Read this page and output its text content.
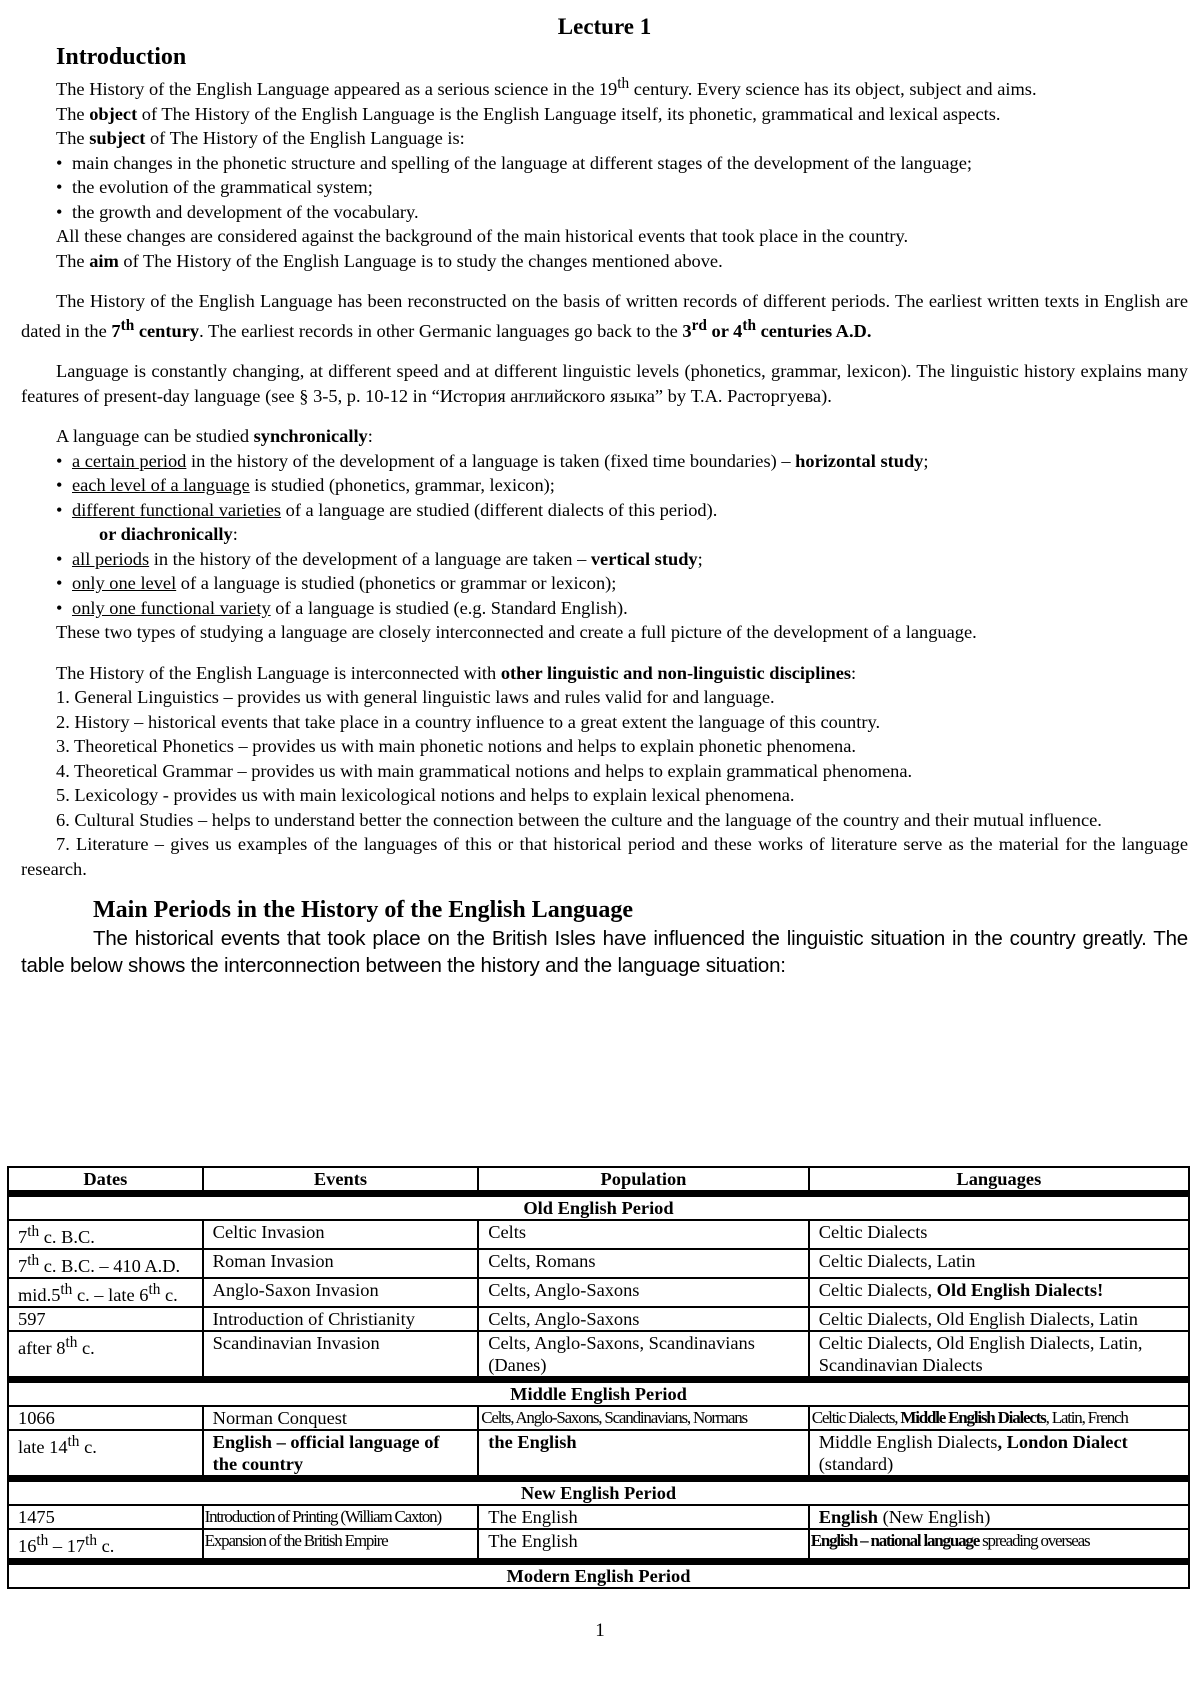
Lecture 1
Introduction

The History of the English Language appeared as a serious science in the 19th century. Every science has its object, subject and aims.

The object of The History of the English Language is the English Language itself, its phonetic, grammatical and lexical aspects.

The subject of The History of the English Language is:

• main changes in the phonetic structure and spelling of the language at different stages of the development of the language;
• the evolution of the grammatical system;
• the growth and development of the vocabulary.

All these changes are considered against the background of the main historical events that took place in the country.

The aim of The History of the English Language is to study the changes mentioned above.

The History of the English Language has been reconstructed on the basis of written records of different periods. The earliest written texts in English are dated in the 7th century. The earliest records in other Germanic languages go back to the 3rd or 4th centuries A.D.

Language is constantly changing, at different speed and at different linguistic levels (phonetics, grammar, lexicon). The linguistic history explains many features of present-day language (see § 3-5, p. 10-12 in “История английского языка” by Т.А. Расторгуева).

A language can be studied synchronically:

• a certain period in the history of the development of a language is taken (fixed time boundaries) – horizontal study;
• each level of a language is studied (phonetics, grammar, lexicon);
• different functional varieties of a language are studied (different dialects of this period).

or diachronically:

• all periods in the history of the development of a language are taken – vertical study;
• only one level of a language is studied (phonetics or grammar or lexicon);
• only one functional variety of a language is studied (e.g. Standard English).

These two types of studying a language are closely interconnected and create a full picture of the development of a language.

The History of the English Language is interconnected with other linguistic and non-linguistic disciplines:

1. General Linguistics – provides us with general linguistic laws and rules valid for and language.

2. History – historical events that take place in a country influence to a great extent the language of this country.

3. Theoretical Phonetics – provides us with main phonetic notions and helps to explain phonetic phenomena.

4. Theoretical Grammar – provides us with main grammatical notions and helps to explain grammatical phenomena.

5. Lexicology - provides us with main lexicological notions and helps to explain lexical phenomena.

6. Cultural Studies – helps to understand better the connection between the culture and the language of the country and their mutual influence.

7. Literature – gives us examples of the languages of this or that historical period and these works of literature serve as the material for the language research.

Main Periods in the History of the English Language

The historical events that took place on the British Isles have influenced the linguistic situation in the country greatly. The table below shows the interconnection between the history and the language situation:

Dates	Events	Population	Languages
Old English Period			
7th c. B.C.	Celtic Invasion	Celts	Celtic Dialects
7th c. B.C. – 410 A.D.	Roman Invasion	Celts, Romans	Celtic Dialects, Latin
mid.5th c. – late 6th c.	Anglo-Saxon Invasion	Celts, Anglo-Saxons	Celtic Dialects, Old English Dialects!
597	Introduction of Christianity	Celts, Anglo-Saxons	Celtic Dialects, Old English Dialects, Latin
after 8th c.	Scandinavian Invasion	Celts, Anglo-Saxons, Scandinavians (Danes)	Celtic Dialects, Old English Dialects, Latin, Scandinavian Dialects
Middle English Period			
1066	Norman Conquest	Celts, Anglo-Saxons, Scandinavians, Normans	Celtic Dialects, Middle English Dialects, Latin, French
late 14th c.	English – official language of the country	the English	Middle English Dialects, London Dialect (standard)
New English Period			
1475	Introduction of Printing (William Caxton)	The English	English (New English)
16th – 17th c.	Expansion of the British Empire	The English	English – national language spreading overseas
Modern English Period			
1
